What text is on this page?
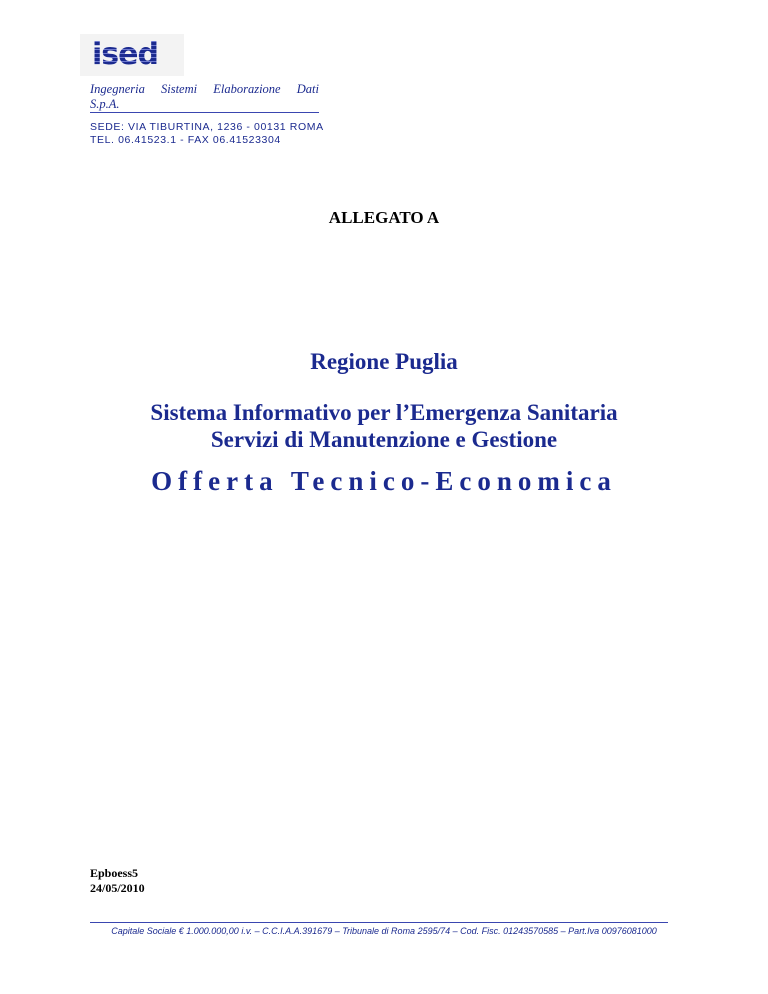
ised
Ingegneria Sistemi Elaborazione Dati
S.p.A.
SEDE: VIA TIBURTINA, 1236 - 00131 ROMA
TEL. 06.41523.1 - FAX 06.41523304
ALLEGATO A
Regione Puglia
Sistema Informativo per l’Emergenza Sanitaria
Servizi di Manutenzione e Gestione
Offerta Tecnico-Economica
Epboess5
24/05/2010
Capitale Sociale € 1.000.000,00 i.v. – C.C.I.A.A.391679 – Tribunale di Roma 2595/74 – Cod. Fisc. 01243570585 – Part.Iva 00976081000
